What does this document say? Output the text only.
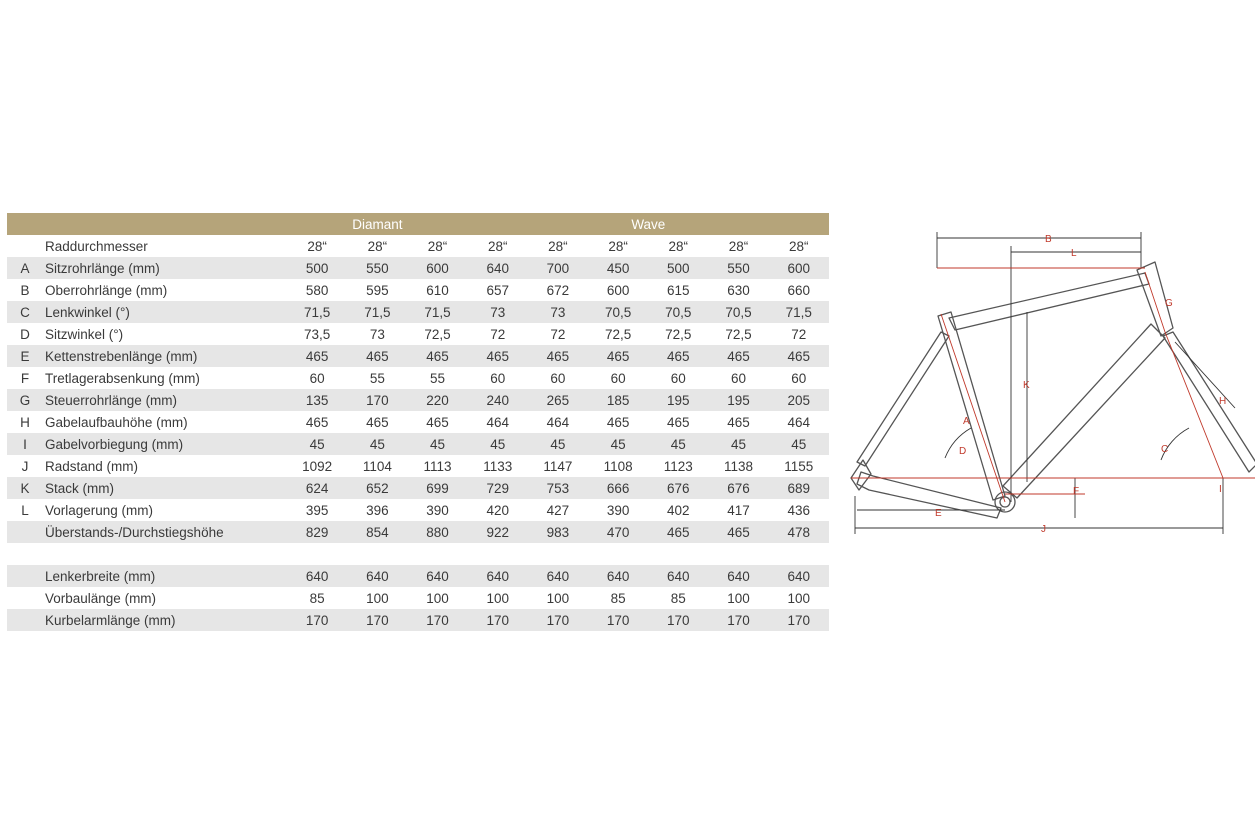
		Diamant			Wave					
	Raddurchmesser	28“	28“	28“	28“	28“	28“	28“	28“	28“
A	Sitzrohrlänge (mm)	500	550	600	640	700	450	500	550	600
B	Oberrohrlänge (mm)	580	595	610	657	672	600	615	630	660
C	Lenkwinkel (°)	71,5	71,5	71,5	73	73	70,5	70,5	70,5	71,5
D	Sitzwinkel (°)	73,5	73	72,5	72	72	72,5	72,5	72,5	72
E	Kettenstrebenlänge (mm)	465	465	465	465	465	465	465	465	465
F	Tretlagerabsenkung (mm)	60	55	55	60	60	60	60	60	60
G	Steuerrohrlänge (mm)	135	170	220	240	265	185	195	195	205
H	Gabelaufbauhöhe (mm)	465	465	465	464	464	465	465	465	464
I	Gabelvorbiegung (mm)	45	45	45	45	45	45	45	45	45
J	Radstand (mm)	1092	1104	1113	1133	1147	1108	1123	1138	1155
K	Stack (mm)	624	652	699	729	753	666	676	676	689
L	Vorlagerung (mm)	395	396	390	420	427	390	402	417	436
	Überstands-/Durchstiegshöhe	829	854	880	922	983	470	465	465	478

	Lenkerbreite (mm)	640	640	640	640	640	640	640	640	640
	Vorbaulänge (mm)	85	100	100	100	100	85	85	100	100
	Kurbelarmlänge (mm)	170	170	170	170	170	170	170	170	170
B
L
A
D
K
G
H
C
F	I
E
J
